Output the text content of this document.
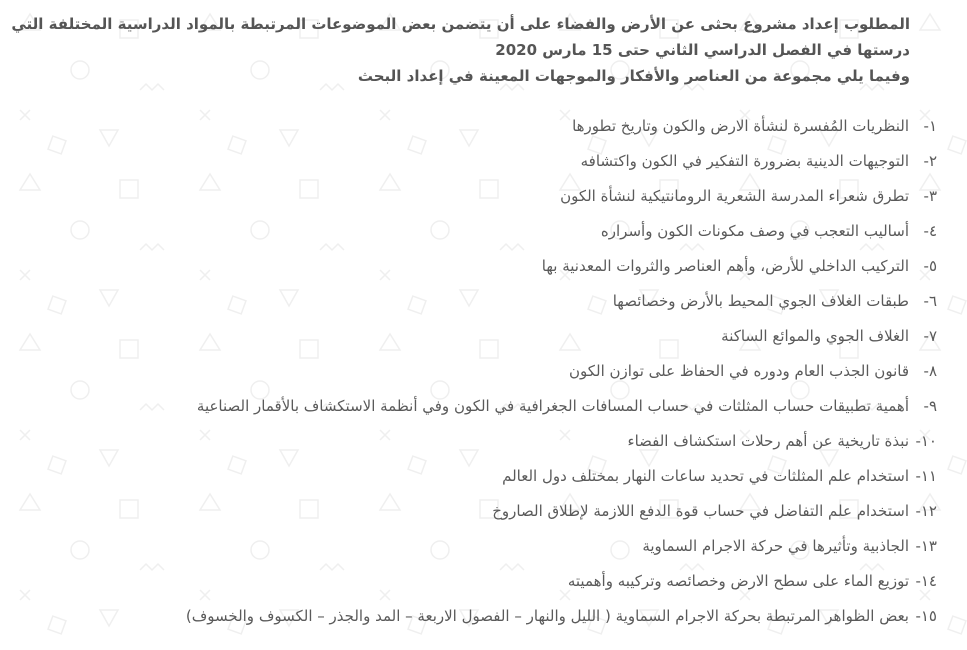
المطلوب إعداد مشروع بحثى عن الأرض والفضاء على أن يتضمن بعض الموضوعات المرتبطة بالمواد الدراسية المختلفة التي

درستها في الفصل الدراسي الثاني حتى 15 مارس 2020

وفيما يلي مجموعة من العناصر والأفكار والموجهات المعينة في إعداد البحث

١-
النظريات المُفسرة لنشأة الارض والكون وتاريخ تطورها
٢-
التوجيهات الدينية بضرورة التفكير في الكون واكتشافه
٣-
تطرق شعراء المدرسة الشعرية الرومانتيكية لنشأة الكون
٤-
أساليب التعجب في وصف مكونات الكون وأسراره
٥-
التركيب الداخلي للأرض، وأهم العناصر والثروات المعدنية بها
٦-
طبقات الغلاف الجوي المحيط بالأرض وخصائصها
٧-
الغلاف الجوي والموائع الساكنة
٨-
قانون الجذب العام ودوره في الحفاظ على توازن الكون
٩-
أهمية تطبيقات حساب المثلثات في حساب المسافات الجغرافية في الكون وفي أنظمة الاستكشاف بالأقمار الصناعية
١٠-
نبذة تاريخية عن أهم رحلات استكشاف الفضاء
١١-
استخدام علم المثلثات في تحديد ساعات النهار بمختلف دول العالم
١٢-
استخدام علم التفاضل في حساب قوة الدفع اللازمة لإطلاق الصاروخ
١٣-
الجاذبية وتأثيرها في حركة الاجرام السماوية
١٤-
توزيع الماء على سطح الارض وخصائصه وتركيبه وأهميته
١٥-
بعض الظواهر المرتبطة بحركة الاجرام السماوية ( الليل والنهار – الفصول الاربعة – المد والجذر – الكسوف والخسوف)
